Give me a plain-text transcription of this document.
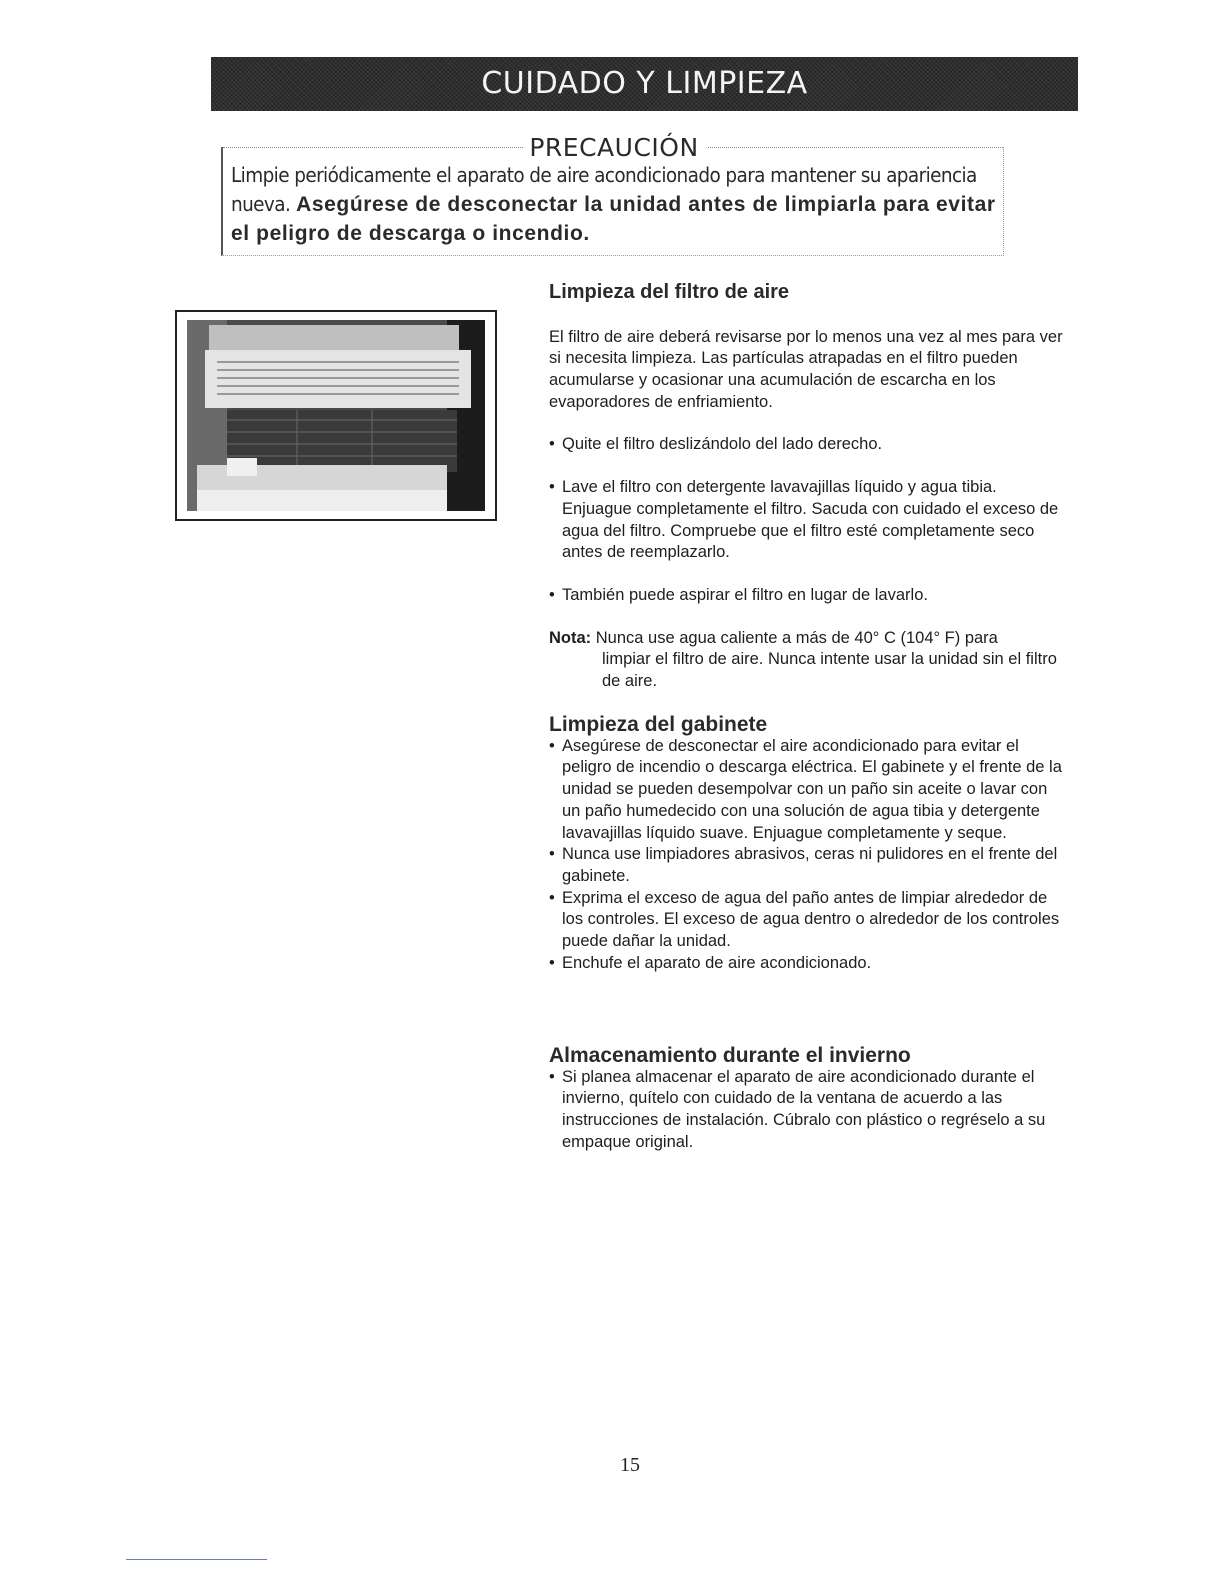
CUIDADO Y LIMPIEZA
PRECAUCIÓN
Limpie periódicamente el aparato de aire acondicionado para mantener su apariencia nueva. Asegúrese de desconectar la unidad antes de limpiarla para evitar el peligro de descarga o incendio.
Limpieza del filtro de aire

El filtro de aire deberá revisarse por lo menos una vez al mes para ver si necesita limpieza. Las partículas atrapadas en el filtro pueden acumularse y ocasionar una acumulación de escarcha en los evaporadores de enfriamiento.

• Quite el filtro deslizándolo del lado derecho.

• Lave el filtro con detergente lavavajillas líquido y agua tibia. Enjuague completamente el filtro. Sacuda con cuidado el exceso de agua del filtro. Compruebe que el filtro esté completamente seco antes de reemplazarlo.

• También puede aspirar el filtro en lugar de lavarlo.

Nota: Nunca use agua caliente a más de 40° C (104° F) para

limpiar el filtro de aire. Nunca intente usar la unidad sin el filtro de aire.

Limpieza del gabinete

• Asegúrese de desconectar el aire acondicionado para evitar el peligro de incendio o descarga eléctrica. El gabinete y el frente de la unidad se pueden desempolvar con un paño sin aceite o lavar con un paño humedecido con una solución de agua tibia y detergente lavavajillas líquido suave. Enjuague completamente y seque.

• Nunca use limpiadores abrasivos, ceras ni pulidores en el frente del gabinete.

• Exprima el exceso de agua del paño antes de limpiar alrededor de los controles. El exceso de agua dentro o alrededor de los controles puede dañar la unidad.

• Enchufe el aparato de aire acondicionado.

Almacenamiento durante el invierno

• Si planea almacenar el aparato de aire acondicionado durante el invierno, quítelo con cuidado de la ventana de acuerdo a las instrucciones de instalación. Cúbralo con plástico o regréselo a su empaque original.

15
